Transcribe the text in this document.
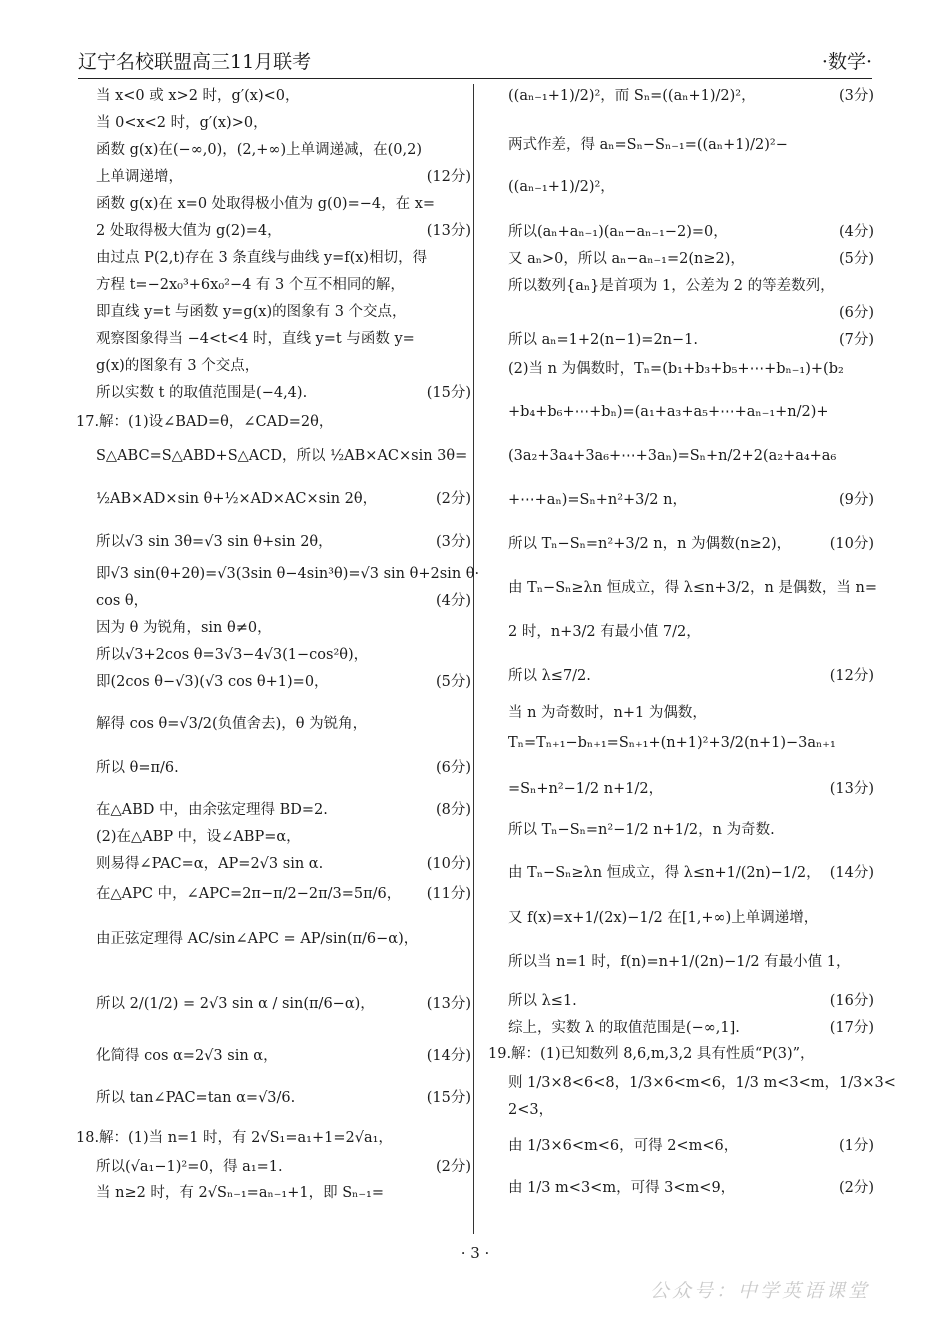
辽宁名校联盟高三11月联考	·数学·
当 x<0 或 x>2 时，g′(x)<0，
当 0<x<2 时，g′(x)>0，
函数 g(x)在(−∞,0)，(2,+∞)上单调递减，在(0,2)
上单调递增，	(12分)
函数 g(x)在 x=0 处取得极小值为 g(0)=−4，在 x=
2 处取得极大值为 g(2)=4，	(13分)
由过点 P(2,t)存在 3 条直线与曲线 y=f(x)相切，得
方程 t=−2x₀³+6x₀²−4 有 3 个互不相同的解，
即直线 y=t 与函数 y=g(x)的图象有 3 个交点，
观察图象得当 −4<t<4 时，直线 y=t 与函数 y=
g(x)的图象有 3 个交点，
所以实数 t 的取值范围是(−4,4).	(15分)
17.解：(1)设∠BAD=θ，∠CAD=2θ，
S△ABC=S△ABD+S△ACD，所以 ½AB×AC×sin 3θ=
½AB×AD×sin θ+½×AD×AC×sin 2θ，	(2分)
所以√3 sin 3θ=√3 sin θ+sin 2θ，	(3分)
即√3 sin(θ+2θ)=√3(3sin θ−4sin³θ)=√3 sin θ+2sin θ·
cos θ，	(4分)
因为 θ 为锐角，sin θ≠0，
所以√3+2cos θ=3√3−4√3(1−cos²θ)，
即(2cos θ−√3)(√3 cos θ+1)=0，	(5分)
解得 cos θ=√3/2(负值舍去)，θ 为锐角，
所以 θ=π/6.	(6分)
在△ABD 中，由余弦定理得 BD=2.	(8分)
(2)在△ABP 中，设∠ABP=α，
则易得∠PAC=α，AP=2√3 sin α.	(10分)
在△APC 中，∠APC=2π−π/2−2π/3=5π/6， (11分)
由正弦定理得 AC/sin∠APC = AP/sin(π/6−α)，
所以 2/(1/2) = 2√3 sin α / sin(π/6−α)，	(13分)
化简得 cos α=2√3 sin α，	(14分)
所以 tan∠PAC=tan α=√3/6.	(15分)
18.解：(1)当 n=1 时，有 2√S₁=a₁+1=2√a₁，
所以(√a₁−1)²=0，得 a₁=1.	(2分)
当 n≥2 时，有 2√Sₙ₋₁=aₙ₋₁+1，即 Sₙ₋₁=
((aₙ₋₁+1)/2)²，而 Sₙ=((aₙ+1)/2)²，	(3分)
两式作差，得 aₙ=Sₙ−Sₙ₋₁=((aₙ+1)/2)²−
((aₙ₋₁+1)/2)²，
所以(aₙ+aₙ₋₁)(aₙ−aₙ₋₁−2)=0，	(4分)
又 aₙ>0，所以 aₙ−aₙ₋₁=2(n≥2)，	(5分)
所以数列{aₙ}是首项为 1，公差为 2 的等差数列，
(6分)
所以 aₙ=1+2(n−1)=2n−1.	(7分)
(2)当 n 为偶数时，Tₙ=(b₁+b₃+b₅+⋯+bₙ₋₁)+(b₂
+b₄+b₆+⋯+bₙ)=(a₁+a₃+a₅+⋯+aₙ₋₁+n/2)+
(3a₂+3a₄+3a₆+⋯+3aₙ)=Sₙ+n/2+2(a₂+a₄+a₆
+⋯+aₙ)=Sₙ+n²+3/2 n，	(9分)
所以 Tₙ−Sₙ=n²+3/2 n，n 为偶数(n≥2)，	(10分)
由 Tₙ−Sₙ≥λn 恒成立，得 λ≤n+3/2，n 是偶数，当 n=
2 时，n+3/2 有最小值 7/2，
所以 λ≤7/2.	(12分)
当 n 为奇数时，n+1 为偶数，
Tₙ=Tₙ₊₁−bₙ₊₁=Sₙ₊₁+(n+1)²+3/2(n+1)−3aₙ₊₁
=Sₙ+n²−1/2 n+1/2，	(13分)
所以 Tₙ−Sₙ=n²−1/2 n+1/2，n 为奇数.
由 Tₙ−Sₙ≥λn 恒成立，得 λ≤n+1/(2n)−1/2， (14分)
又 f(x)=x+1/(2x)−1/2 在[1,+∞)上单调递增，
所以当 n=1 时，f(n)=n+1/(2n)−1/2 有最小值 1，
所以 λ≤1.	(16分)
综上，实数 λ 的取值范围是(−∞,1].	(17分)
19.解：(1)已知数列 8,6,m,3,2 具有性质“P(3)”，
则 1/3×8<6<8，1/3×6<m<6，1/3 m<3<m，1/3×3<
2<3，
由 1/3×6<m<6，可得 2<m<6，	(1分)
由 1/3 m<3<m，可得 3<m<9，	(2分)
· 3 ·
公众号：中学英语课堂
